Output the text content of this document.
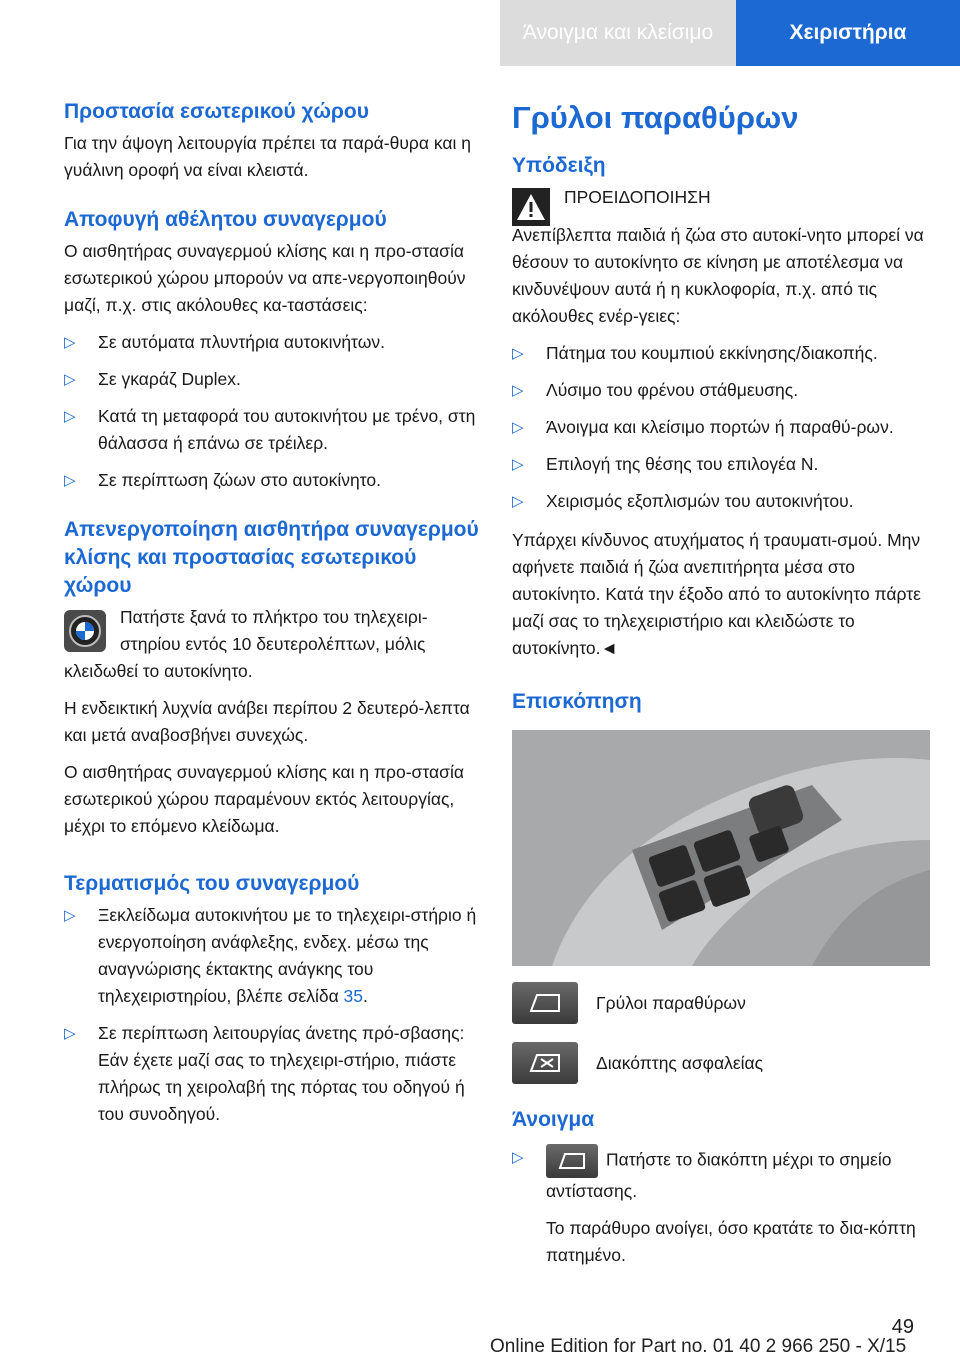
Άνοιγμα και κλείσιμο	Χειριστήρια
Προστασία εσωτερικού χώρου

Για την άψογη λειτουργία πρέπει τα παρά‐θυρα και η γυάλινη οροφή να είναι κλειστά.

Αποφυγή αθέλητου συναγερμού

Ο αισθητήρας συναγερμού κλίσης και η προ‐στασία εσωτερικού χώρου μπορούν να απε‐νεργοποιηθούν μαζί, π.χ. στις ακόλουθες κα‐ταστάσεις:

▷ Σε αυτόματα πλυντήρια αυτοκινήτων.
▷ Σε γκαράζ Duplex.
▷ Κατά τη μεταφορά του αυτοκινήτου με τρένο, στη θάλασσα ή επάνω σε τρέιλερ.
▷ Σε περίπτωση ζώων στο αυτοκίνητο.
Απενεργοποίηση αισθητήρα συναγερμού κλίσης και προστασίας εσωτερικού χώρου

Πατήστε ξανά το πλήκτρο του τηλεχειρι‐στηρίου εντός 10 δευτερολέπτων, μόλις κλειδωθεί το αυτοκίνητο.

Η ενδεικτική λυχνία ανάβει περίπου 2 δευτερό‐λεπτα και μετά αναβοσβήνει συνεχώς.

Ο αισθητήρας συναγερμού κλίσης και η προ‐στασία εσωτερικού χώρου παραμένουν εκτός λειτουργίας, μέχρι το επόμενο κλείδωμα.

Τερματισμός του συναγερμού
▷ Ξεκλείδωμα αυτοκινήτου με το τηλεχειρι‐στήριο ή ενεργοποίηση ανάφλεξης, ενδεχ. μέσω της αναγνώρισης έκτακτης ανάγκης του τηλεχειριστηρίου, βλέπε σελίδα 35.
▷ Σε περίπτωση λειτουργίας άνετης πρό‐σβασης: Εάν έχετε μαζί σας το τηλεχειρι‐στήριο, πιάστε πλήρως τη χειρολαβή της πόρτας του οδηγού ή του συνοδηγού.
Γρύλοι παραθύρων
Υπόδειξη

ΠΡΟΕΙΔΟΠΟΙΗΣΗ

Ανεπίβλεπτα παιδιά ή ζώα στο αυτοκί‐νητο μπορεί να θέσουν το αυτοκίνητο σε κίνηση με αποτέλεσμα να κινδυνέψουν αυτά ή η κυκλοφορία, π.χ. από τις ακόλουθες ενέρ‐γειες:

▷ Πάτημα του κουμπιού εκκίνησης/διακοπής.
▷ Λύσιμο του φρένου στάθμευσης.
▷ Άνοιγμα και κλείσιμο πορτών ή παραθύ‐ρων.
▷ Επιλογή της θέσης του επιλογέα N.
▷ Χειρισμός εξοπλισμών του αυτοκινήτου.

Υπάρχει κίνδυνος ατυχήματος ή τραυματι‐σμού. Μην αφήνετε παιδιά ή ζώα ανεπιτήρητα μέσα στο αυτοκίνητο. Κατά την έξοδο από το αυτοκίνητο πάρτε μαζί σας το τηλεχειριστήριο και κλειδώστε το αυτοκίνητο.◄

Επισκόπηση
Γρύλοι παραθύρων
Διακόπτης ασφαλείας
Άνοιγμα
▷	Πατήστε το διακόπτη μέχρι το σημείο αντίστασης.

Το παράθυρο ανοίγει, όσο κρατάτε το δια‐κόπτη πατημένο.

49
Online Edition for Part no. 01 40 2 966 250 - X/15
